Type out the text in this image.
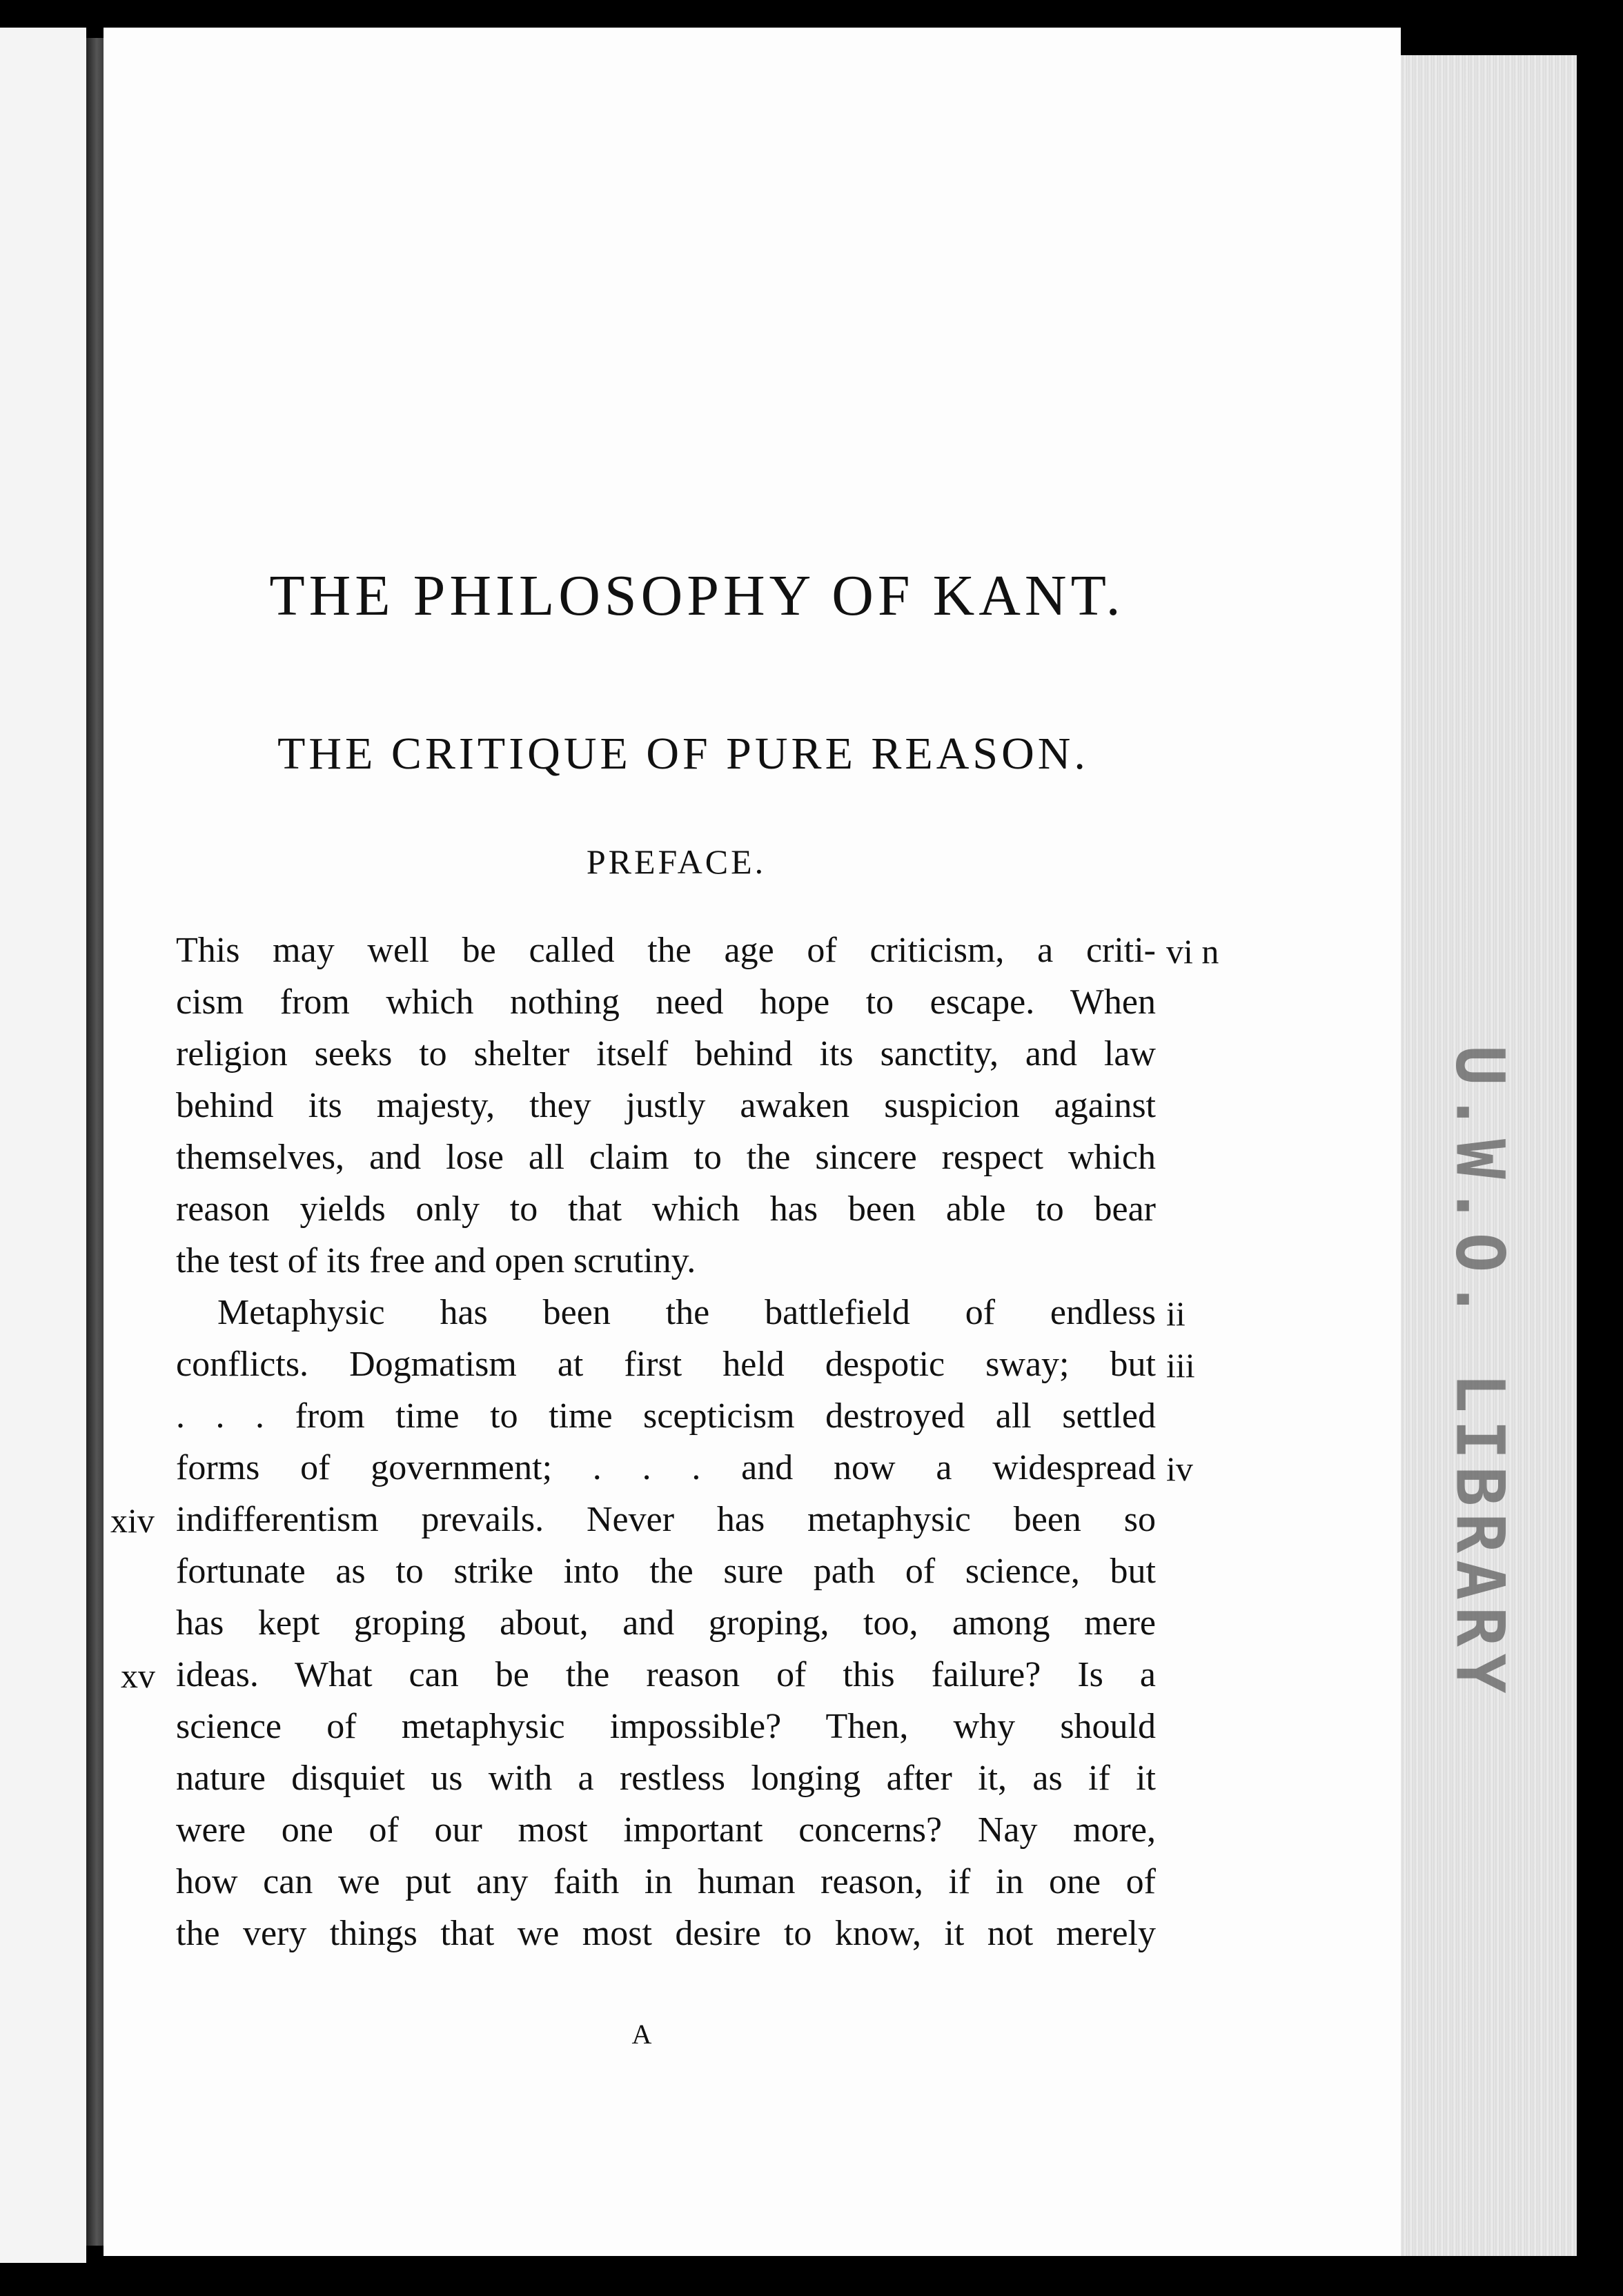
U.W.O. LIBRARY
THE PHILOSOPHY OF KANT.
THE CRITIQUE OF PURE REASON.
PREFACE.
This may well be called the age of criticism, a criti-
cism from which nothing need hope to escape. When
religion seeks to shelter itself behind its sanctity, and law
behind its majesty, they justly awaken suspicion against
themselves, and lose all claim to the sincere respect which
reason yields only to that which has been able to bear
the test of its free and open scrutiny.
Metaphysic has been the battlefield of endless
conflicts. Dogmatism at first held despotic sway; but
. . . from time to time scepticism destroyed all settled
forms of government; . . . and now a widespread
indifferentism prevails. Never has metaphysic been so
fortunate as to strike into the sure path of science, but
has kept groping about, and groping, too, among mere
ideas. What can be the reason of this failure? Is a
science of metaphysic impossible? Then, why should
nature disquiet us with a restless longing after it, as if it
were one of our most important concerns? Nay more,
how can we put any faith in human reason, if in one of
the very things that we most desire to know, it not merely
vi n
ii
iii
iv
xiv
xv
A
